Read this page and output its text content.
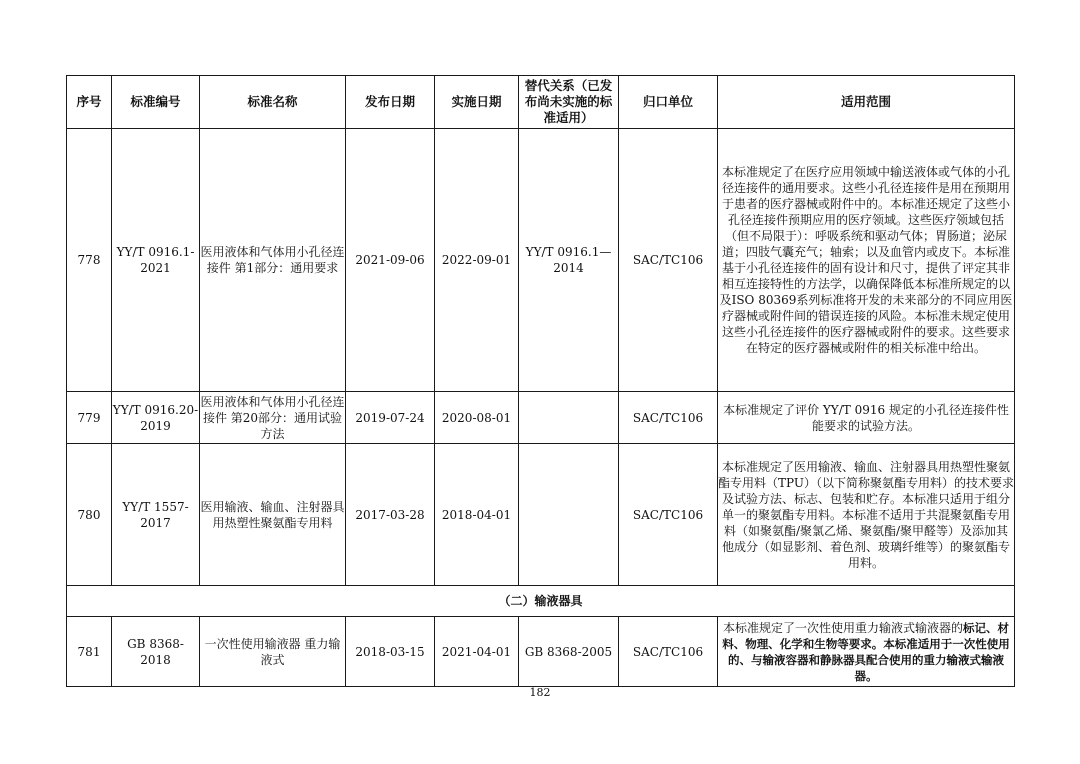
序号	标准编号	标准名称	发布日期	实施日期	替代关系（已发布尚未实施的标准适用）	归口单位	适用范围
778	YY/T 0916.1-2021	医用液体和气体用小孔径连接件 第1部分：通用要求	2021-09-06	2022-09-01	YY/T 0916.1—2014	SAC/TC106	本标准规定了在医疗应用领域中输送液体或气体的小孔径连接件的通用要求。这些小孔径连接件是用在预期用于患者的医疗器械或附件中的。本标准还规定了这些小孔径连接件预期应用的医疗领域。这些医疗领域包括（但不局限于）：呼吸系统和驱动气体；胃肠道；泌尿道；四肢气囊充气；轴索；以及血管内或皮下。本标准基于小孔径连接件的固有设计和尺寸，提供了评定其非相互连接特性的方法学，以确保降低本标准所规定的以及ISO 80369系列标准将开发的未来部分的不同应用医疗器械或附件间的错误连接的风险。本标准未规定使用这些小孔径连接件的医疗器械或附件的要求。这些要求在特定的医疗器械或附件的相关标准中给出。
779	YY/T 0916.20-2019	医用液体和气体用小孔径连接件 第20部分：通用试验方法	2019-07-24	2020-08-01		SAC/TC106	本标准规定了评价 YY/T 0916 规定的小孔径连接件性能要求的试验方法。
780	YY/T 1557-2017	医用输液、输血、注射器具用热塑性聚氨酯专用料	2017-03-28	2018-04-01		SAC/TC106	本标准规定了医用输液、输血、注射器具用热塑性聚氨酯专用料（TPU）（以下简称聚氨酯专用料）的技术要求及试验方法、标志、包装和贮存。本标准只适用于组分单一的聚氨酯专用料。本标准不适用于共混聚氨酯专用料（如聚氨酯/聚氯乙烯、聚氨酯/聚甲醛等）及添加其他成分（如显影剂、着色剂、玻璃纤维等）的聚氨酯专用料。
（二）输液器具							
781	GB 8368-2018	一次性使用输液器 重力输液式	2018-03-15	2021-04-01	GB 8368-2005	SAC/TC106	本标准规定了一次性使用重力输液式输液器的标记、材料、物理、化学和生物等要求。本标准适用于一次性使用的、与输液容器和静脉器具配合使用的重力输液式输液器。
182
